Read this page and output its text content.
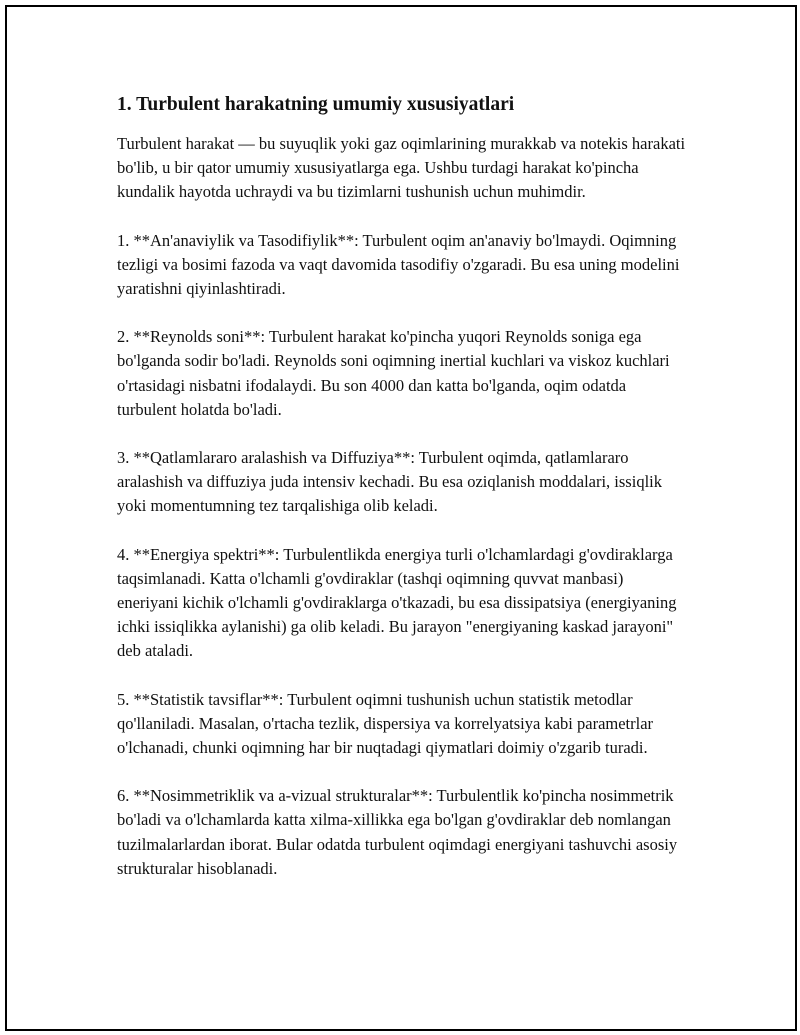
1. Turbulent harakatning umumiy xususiyatlari

Turbulent harakat — bu suyuqlik yoki gaz oqimlarining murakkab va notekis harakati bo'lib, u bir qator umumiy xususiyatlarga ega. Ushbu turdagi harakat ko'pincha kundalik hayotda uchraydi va bu tizimlarni tushunish uchun muhimdir.

1. **An'anaviylik va Tasodifiylik**: Turbulent oqim an'anaviy bo'lmaydi. Oqimning tezligi va bosimi fazoda va vaqt davomida tasodifiy o'zgaradi. Bu esa uning modelini yaratishni qiyinlashtiradi.

2. **Reynolds soni**: Turbulent harakat ko'pincha yuqori Reynolds soniga ega bo'lganda sodir bo'ladi. Reynolds soni oqimning inertial kuchlari va viskoz kuchlari o'rtasidagi nisbatni ifodalaydi. Bu son 4000 dan katta bo'lganda, oqim odatda turbulent holatda bo'ladi.

3. **Qatlamlararo aralashish va Diffuziya**: Turbulent oqimda, qatlamlararo aralashish va diffuziya juda intensiv kechadi. Bu esa oziqlanish moddalari, issiqlik yoki momentumning tez tarqalishiga olib keladi.

4. **Energiya spektri**: Turbulentlikda energiya turli o'lchamlardagi g'ovdiraklarga taqsimlanadi. Katta o'lchamli g'ovdiraklar (tashqi oqimning quvvat manbasi) eneriyani kichik o'lchamli g'ovdiraklarga o'tkazadi, bu esa dissipatsiya (energiyaning ichki issiqlikka aylanishi) ga olib keladi. Bu jarayon "energiyaning kaskad jarayoni" deb ataladi.

5. **Statistik tavsiflar**: Turbulent oqimni tushunish uchun statistik metodlar qo'llaniladi. Masalan, o'rtacha tezlik, dispersiya va korrelyatsiya kabi parametrlar o'lchanadi, chunki oqimning har bir nuqtadagi qiymatlari doimiy o'zgarib turadi.

6. **Nosimmetriklik va a-vizual strukturalar**: Turbulentlik ko'pincha nosimmetrik bo'ladi va o'lchamlarda katta xilma-xillikka ega bo'lgan g'ovdiraklar deb nomlangan tuzilmalarlardan iborat. Bular odatda turbulent oqimdagi energiyani tashuvchi asosiy strukturalar hisoblanadi.
